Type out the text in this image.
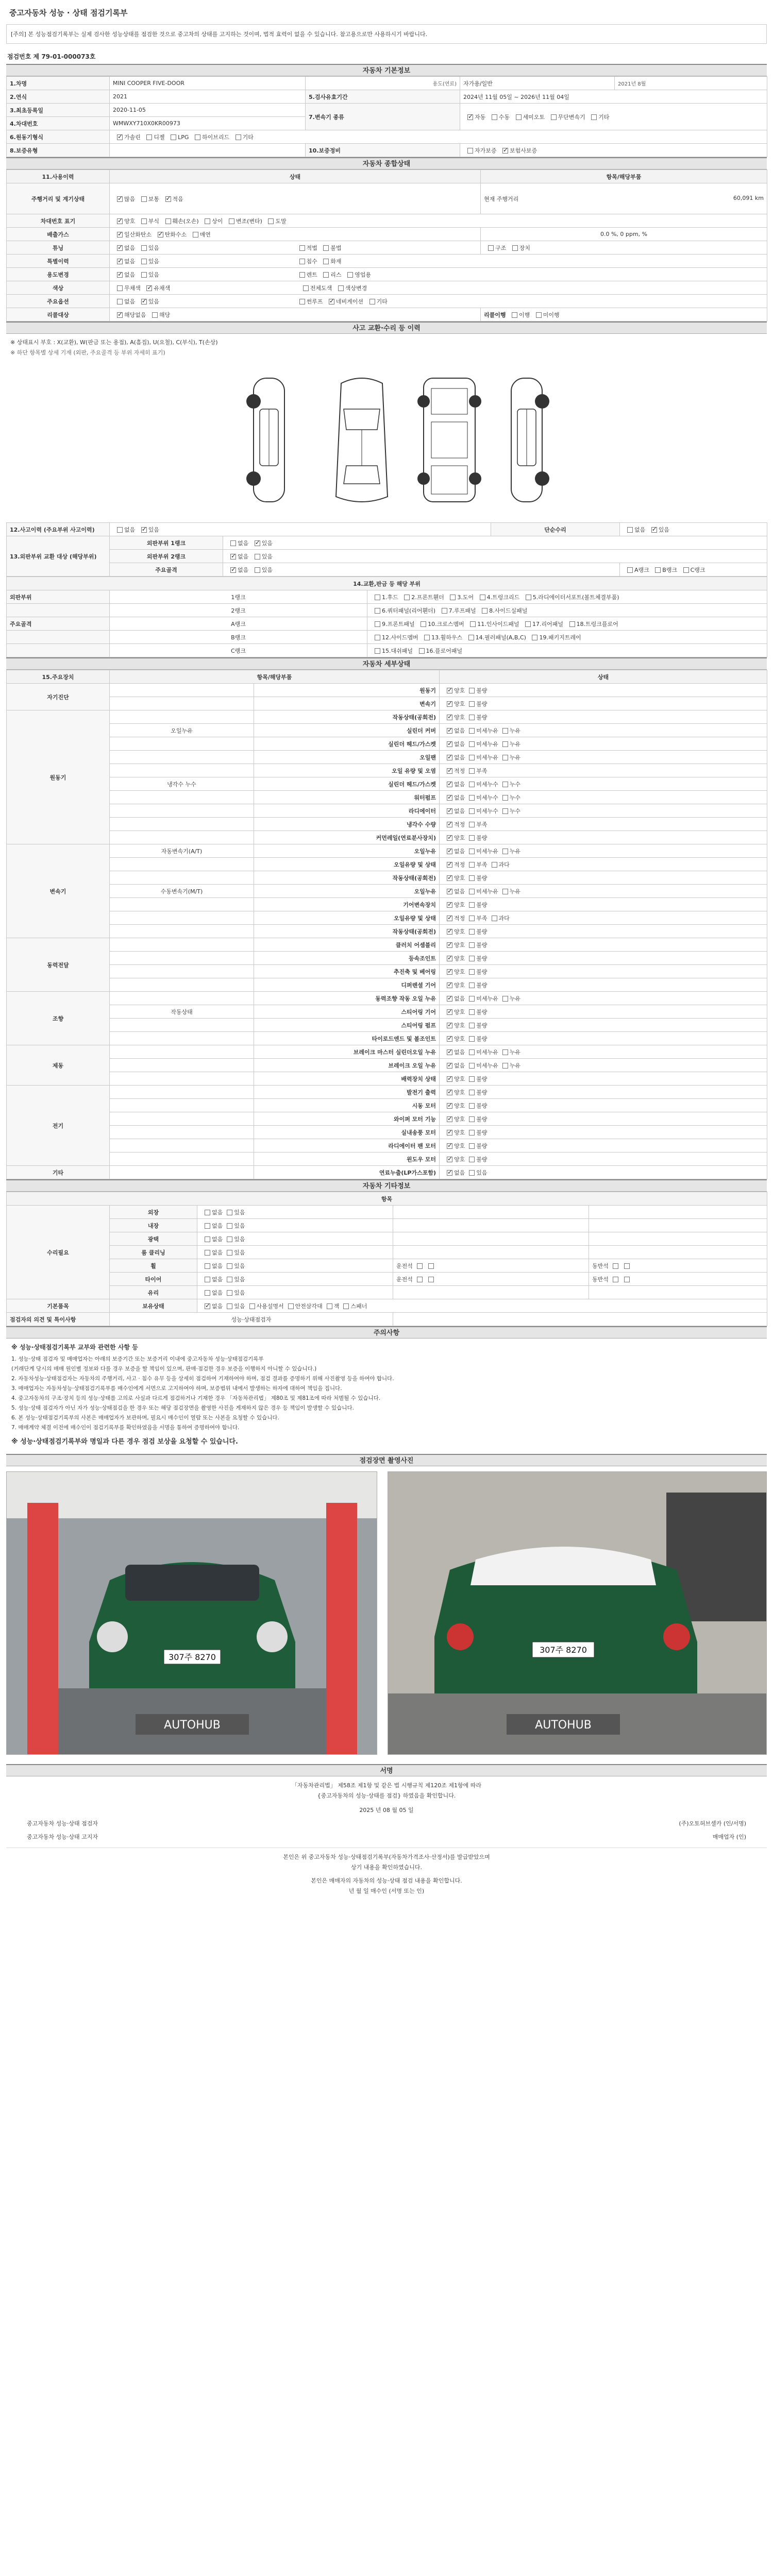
중고자동차 성능 · 상태 점검기록부
[주의] 본 성능점검기록부는 실제 검사한 성능상태를 점검한 것으로 중고차의 상태를 고지하는 것이며, 법적 효력이 없을 수 있습니다. 참고용으로만 사용하시기 바랍니다.
점검번호 제 79-01-000073호
자동차 기본정보
1.차명	MINI COOPER FIVE-DOOR	용도(연료)	자가용/일반	2021년 8월
2.연식	2021	5.검사유효기간	2024년 11월 05일 ~ 2026년 11월 04일	
3.최초등록일	2020-11-05	7.변속기 종류	✓자동 수동 세미오토 무단변속기 기타
4.차대번호	WMWXY710X0KR00973			
6.원동기형식	✓가솔린 디젤 LPG 하이브리드 기타
8.보증유형		10.보증정비	자가보증 ✓ 보험사보증
자동차 종합상태
11.사용이력	상태	항목/해당부품
주행거리 및 계기상태	✓많음 보통 ✓ 적음	현재 주행거리 60,091 km

차대번호 표기	✓양호 부식 훼손(오손) 상이 변조(변타) 도말
배출가스	✓일산화탄소 ✓ 탄화수소 매연	0.0 %, 0 ppm, %
튜닝	✓없음 있음 적법 불법	구조 장치
특별이력	✓없음 있음 침수 화재
용도변경	✓없음 있음 렌트 리스 영업용
색상	무채색 ✓ 유채색 전체도색 색상변경
주요옵션	없음 ✓ 있음 썬루프 ✓ 네비게이션 기타
리콜대상	✓해당없음 해당	리콜이행 이행 미이행
사고 교환·수리 등 이력
※ 상태표시 부호 : X(교환), W(판금 또는 용접), A(흠집), U(요철), C(부식), T(손상)
※ 하단 항목별 상세 기재 (외판, 주요골격 등 부위 자세히 표기)
12.사고이력 (주요부위 사고이력)	없음 ✓ 있음		단순수리	없음 ✓ 있음
13.외판부위 교환 대상 (해당부위)	외판부위 1랭크	없음 ✓ 있음
	외판부위 2랭크	✓없음 있음
	주요골격	✓없음 있음		A랭크 B랭크 C랭크
14.교환,판금 등 해당 부위		
외판부위	1랭크	1.후드 2.프론트휀더 3.도어 4.트렁크리드 5.라디에이터서포트(볼트체결부품)
	2랭크	6.쿼터패널(리어휀더) 7.루프패널 8.사이드실패널
주요골격	A랭크	9.프론트패널 10.크로스멤버 11.인사이드패널 17.리어패널 18.트렁크플로어
	B랭크	12.사이드멤버 13.휠하우스 14.필러패널(A,B,C) 19.패키지트레이
	C랭크	15.대쉬패널 16.플로어패널
자동차 세부상태
15.주요장치	항목/해당부품		상태
자기진단		원동기	✓양호 불량
		변속기	✓양호 불량
원동기		작동상태(공회전)	✓양호 불량
	오일누유	실린더 커버	✓없음 미세누유 누유
		실린더 헤드/가스켓	✓없음 미세누유 누유
		오일팬	✓없음 미세누유 누유
		오일 유량 및 오염	✓적정 부족
	냉각수 누수	실린더 헤드/가스켓	✓없음 미세누수 누수
		워터펌프	✓없음 미세누수 누수
		라디에이터	✓없음 미세누수 누수
		냉각수 수량	✓적정 부족
		커먼레일(연료분사장치)	✓양호 불량
변속기	자동변속기(A/T)	오일누유	✓없음 미세누유 누유
		오일유량 및 상태	✓적정 부족 과다
		작동상태(공회전)	✓양호 불량
	수동변속기(M/T)	오일누유	✓없음 미세누유 누유
		기어변속장치	✓양호 불량
		오일유량 및 상태	✓적정 부족 과다
		작동상태(공회전)	✓양호 불량
동력전달		클러치 어셈블리	✓양호 불량
		등속조인트	✓양호 불량
		추진축 및 베어링	✓양호 불량
		디퍼렌셜 기어	✓양호 불량
조향		동력조향 작동 오일 누유	✓없음 미세누유 누유
	작동상태	스티어링 기어	✓양호 불량
		스티어링 펌프	✓양호 불량
		타이로드엔드 및 볼조인트	✓양호 불량
제동		브레이크 마스터 실린더오일 누유	✓없음 미세누유 누유
		브레이크 오일 누유	✓없음 미세누유 누유
		배력장치 상태	✓양호 불량
전기		발전기 출력	✓양호 불량
		시동 모터	✓양호 불량
		와이퍼 모터 기능	✓양호 불량
		실내송풍 모터	✓양호 불량
		라디에이터 팬 모터	✓양호 불량
		윈도우 모터	✓양호 불량
기타		연료누출(LP가스포함)	✓없음 있음
자동차 기타정보
항목				
수리필요	외장	없음 있음		
	내장	없음 있음		
	광택	없음 있음		
	룸 클리닝	없음 있음		
	휠	없음 있음	운전석	동반석
	타이어	없음 있음	운전석	동반석
	유리	없음 있음		
기본품목	보유상태	✓없음 있음 사용설명서 안전삼각대 잭 스패너
점검자의 의견 및 특이사항	성능·상태점검자			
주의사항
※ 성능·상태점검기록부 교부와 관련한 사항 등
1. 성능·상태 점검자 및 매매업자는 아래의 보증기간 또는 보증거리 이내에 중고자동차 성능·상태점검기록부
(거래단계 당시의 매매 원인별 정보와 다를 경우 보증을 할 책임이 있으며, 판매·점검한 경우 보증을 이행하지 아니할 수 있습니다.)
2. 자동차성능·상태점검자는 자동차의 주행거리, 사고 · 침수 유무 등을 상세히 점검하여 기재하여야 하며, 점검 결과를 증명하기 위해 사진촬영 등을 하여야 합니다.
3. 매매업자는 자동차성능·상태점검기록부를 매수인에게 서면으로 고지하여야 하며, 보증범위 내에서 발생하는 하자에 대하여 책임을 집니다.
4. 중고자동차의 구조·장치 등의 성능·상태를 고의로 사실과 다르게 점검하거나 기재한 경우 「자동차관리법」 제80조 및 제81조에 따라 처벌될 수 있습니다.
5. 성능·상태 점검자가 아닌 자가 성능·상태점검을 한 경우 또는 해당 점검장면을 촬영한 사진을 게재하지 않은 경우 등 책임이 발생할 수 있습니다.
6. 본 성능·상태점검기록부의 사본은 매매업자가 보관하며, 필요시 매수인이 열람 또는 사본을 요청할 수 있습니다.
7. 매매계약 체결 이전에 매수인이 점검기록부를 확인하였음을 서명을 통하여 증명하여야 합니다.
※ 성능·상태점검기록부와 명일과 다른 경우 점검 보상을 요청할 수 있습니다.
점검장면 촬영사진
307주 8270
AUTOHUB
307주 8270
AUTOHUB
서명
「자동차관리법」 제58조 제1항 및 같은 법 시행규칙 제120조 제1항에 따라
{중고자동차의 성능·상태를 점검} 하였음을 확인합니다.
2025 년 08 월 05 일
중고자동차 성능·상태 점검자	(주)오토허브셀카 (인/서명)
중고자동차 성능·상태 고지자	매매업자 (인)
본인은 위 중고자동차 성능·상태점검기록부(자동차가격조사·산정서)를 발급받았으며
상기 내용을 확인하였습니다.
본인은 매매자의 자동차의 성능·상태 점검 내용을 확인합니다.
년 월 일 매수인 (서명 또는 인)
